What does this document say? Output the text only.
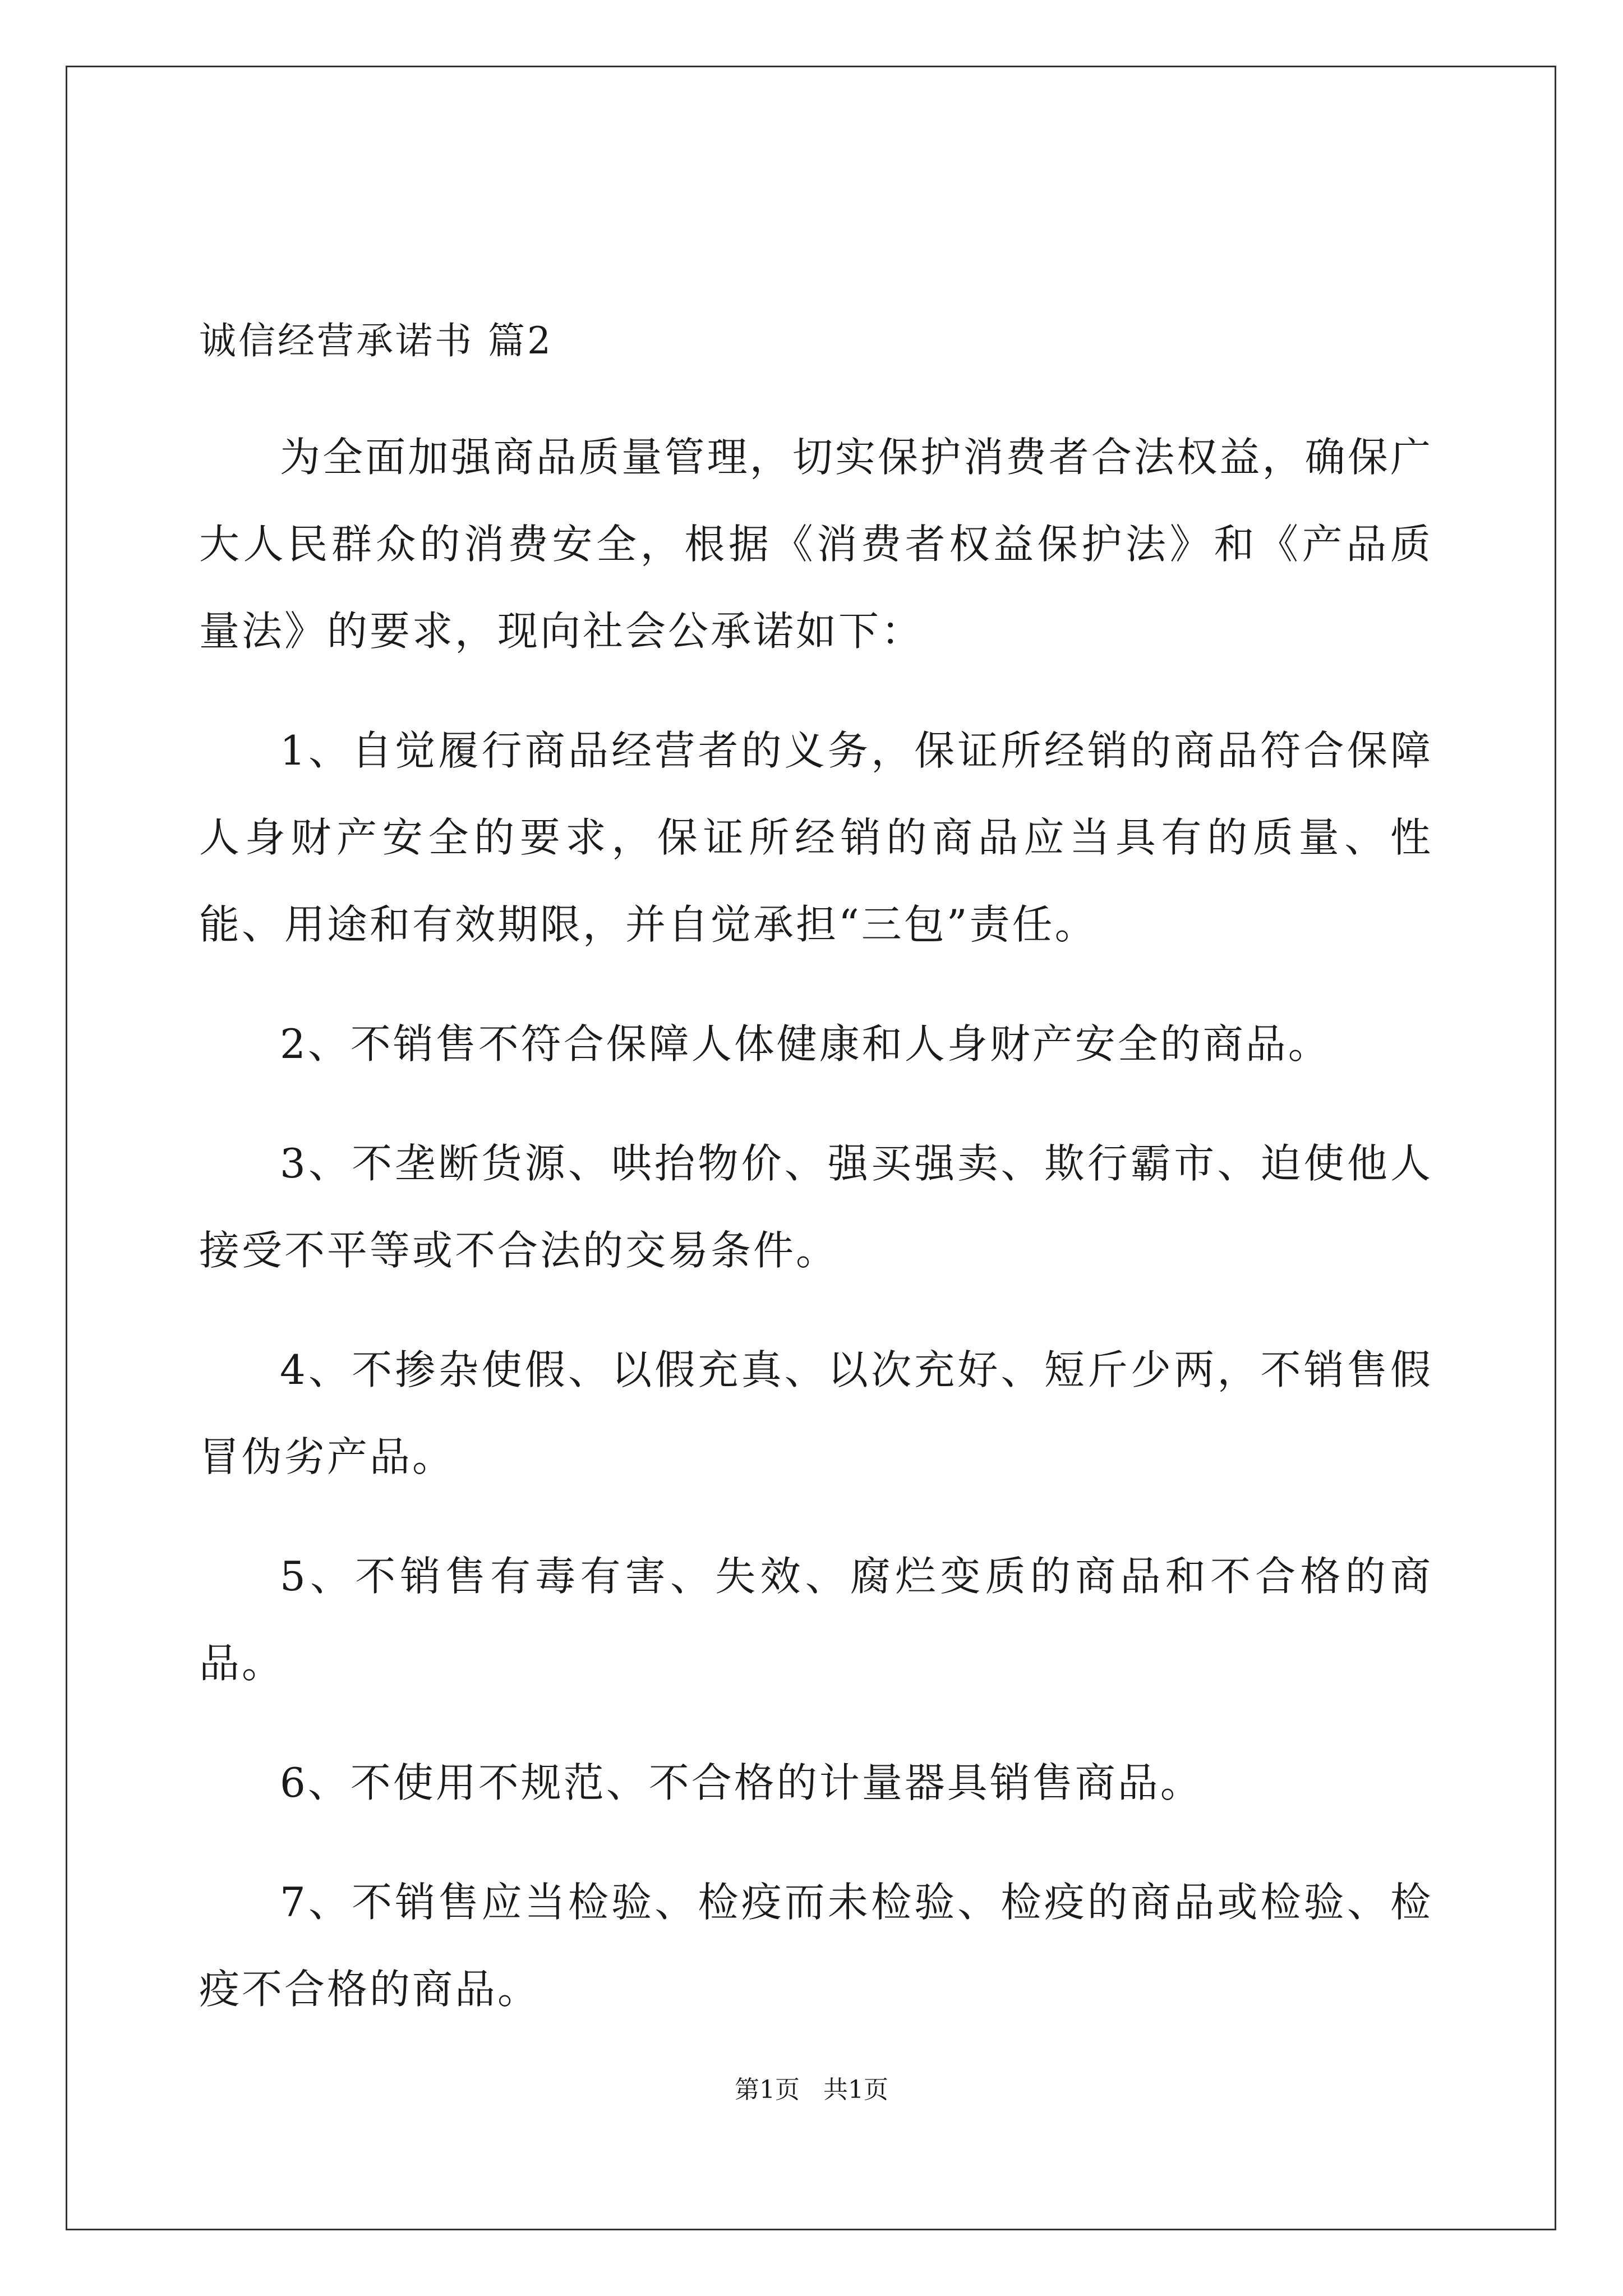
诚信经营承诺书 篇2

为全面加强商品质量管理，切实保护消费者合法权益，确保广大人民群众的消费安全，根据《消费者权益保护法》和《产品质量法》的要求，现向社会公承诺如下：

1、自觉履行商品经营者的义务，保证所经销的商品符合保障人身财产安全的要求，保证所经销的商品应当具有的质量、性能、用途和有效期限，并自觉承担“三包”责任。

2、不销售不符合保障人体健康和人身财产安全的商品。

3、不垄断货源、哄抬物价、强买强卖、欺行霸市、迫使他人接受不平等或不合法的交易条件。

4、不掺杂使假、以假充真、以次充好、短斤少两，不销售假冒伪劣产品。

5、不销售有毒有害、失效、腐烂变质的商品和不合格的商品。

6、不使用不规范、不合格的计量器具销售商品。

7、不销售应当检验、检疫而未检验、检疫的商品或检验、检疫不合格的商品。

第1页   共1页
